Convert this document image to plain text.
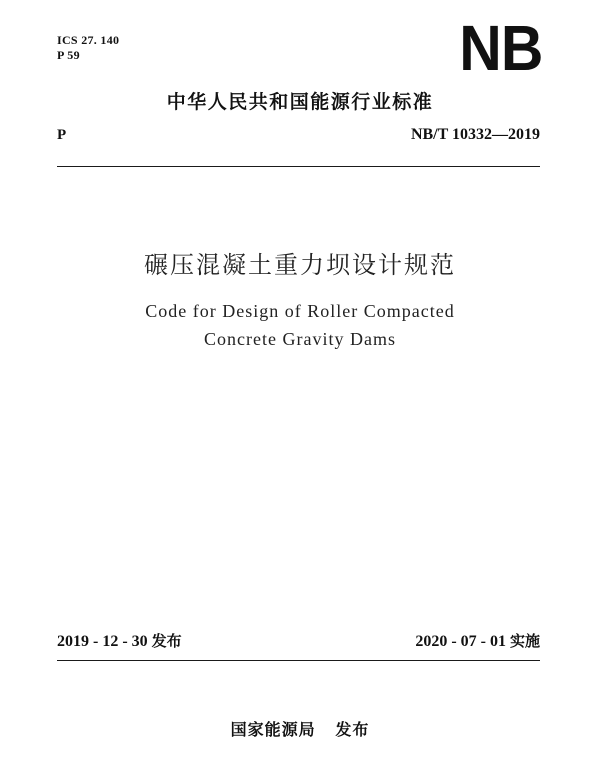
ICS 27. 140
P 59	NB
中华人民共和国能源行业标准
P	NB/T 10332—2019
碾压混凝土重力坝设计规范
Code for Design of Roller Compacted
Concrete Gravity Dams
2019 - 12 - 30 发布	2020 - 07 - 01 实施
国家能源局 发布
